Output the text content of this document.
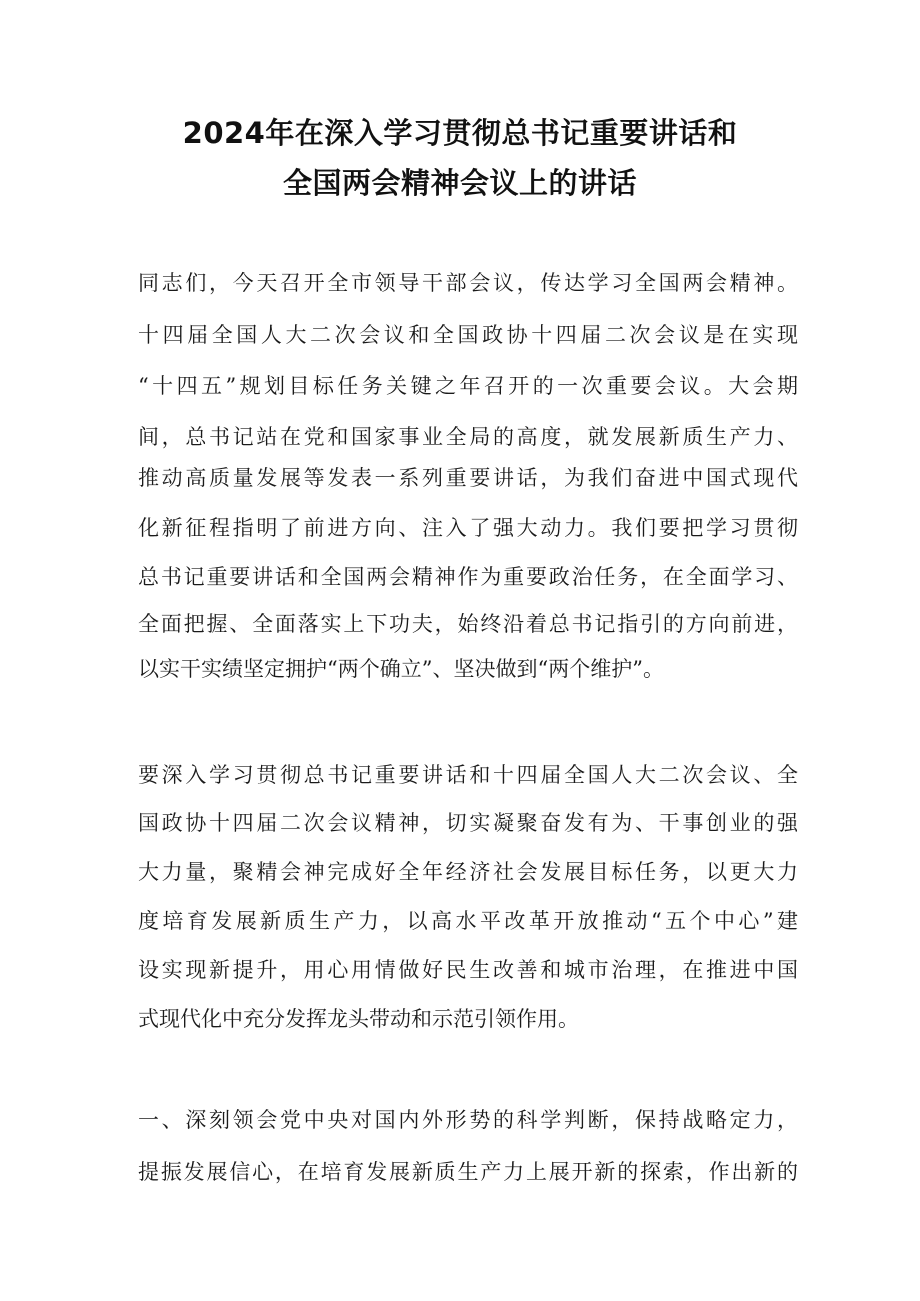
2024年在深入学习贯彻总书记重要讲话和
全国两会精神会议上的讲话

同志们，今天召开全市领导干部会议，传达学习全国两会精神。

十四届全国人大二次会议和全国政协十四届二次会议是在实现

“十四五”规划目标任务关键之年召开的一次重要会议。大会期

间，总书记站在党和国家事业全局的高度，就发展新质生产力、

推动高质量发展等发表一系列重要讲话，为我们奋进中国式现代

化新征程指明了前进方向、注入了强大动力。我们要把学习贯彻

总书记重要讲话和全国两会精神作为重要政治任务，在全面学习、

全面把握、全面落实上下功夫，始终沿着总书记指引的方向前进，

以实干实绩坚定拥护“两个确立”、坚决做到“两个维护”。

要深入学习贯彻总书记重要讲话和十四届全国人大二次会议、全

国政协十四届二次会议精神，切实凝聚奋发有为、干事创业的强

大力量，聚精会神完成好全年经济社会发展目标任务，以更大力

度培育发展新质生产力，以高水平改革开放推动“五个中心”建

设实现新提升，用心用情做好民生改善和城市治理，在推进中国

式现代化中充分发挥龙头带动和示范引领作用。

一、深刻领会党中央对国内外形势的科学判断，保持战略定力，

提振发展信心，在培育发展新质生产力上展开新的探索，作出新的
